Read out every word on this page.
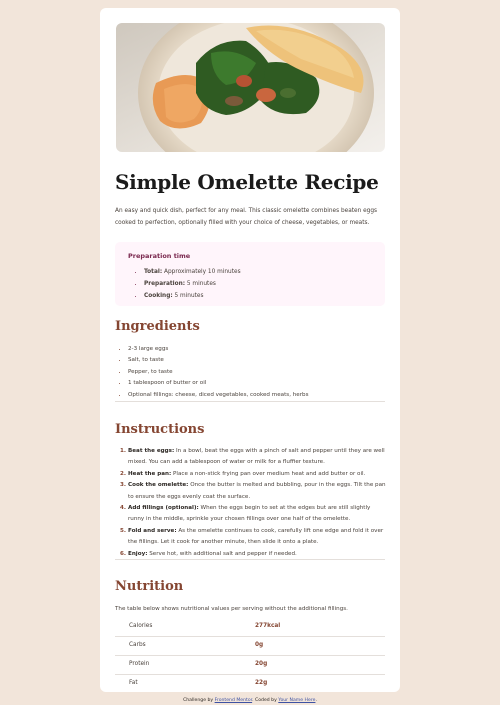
Simple Omelette Recipe

An easy and quick dish, perfect for any meal. This classic omelette combines beaten eggs cooked to perfection, optionally filled with your choice of cheese, vegetables, or meats.

Preparation time
• Total: Approximately 10 minutes
• Preparation: 5 minutes
• Cooking: 5 minutes
Ingredients
• 2-3 large eggs
• Salt, to taste
• Pepper, to taste
• 1 tablespoon of butter or oil
• Optional fillings: cheese, diced vegetables, cooked meats, herbs
Instructions
1. Beat the eggs: In a bowl, beat the eggs with a pinch of salt and pepper until they are well mixed. You can add a tablespoon of water or milk for a fluffier texture.
2. Heat the pan: Place a non-stick frying pan over medium heat and add butter or oil.
3. Cook the omelette: Once the butter is melted and bubbling, pour in the eggs. Tilt the pan to ensure the eggs evenly coat the surface.
4. Add fillings (optional): When the eggs begin to set at the edges but are still slightly runny in the middle, sprinkle your chosen fillings over one half of the omelette.
5. Fold and serve: As the omelette continues to cook, carefully lift one edge and fold it over the fillings. Let it cook for another minute, then slide it onto a plate.
6. Enjoy: Serve hot, with additional salt and pepper if needed.
Nutrition

The table below shows nutritional values per serving without the additional fillings.

Calories	277kcal
Carbs	0g
Protein	20g
Fat	22g
Challenge by Frontend Mentor. Coded by Your Name Here.
